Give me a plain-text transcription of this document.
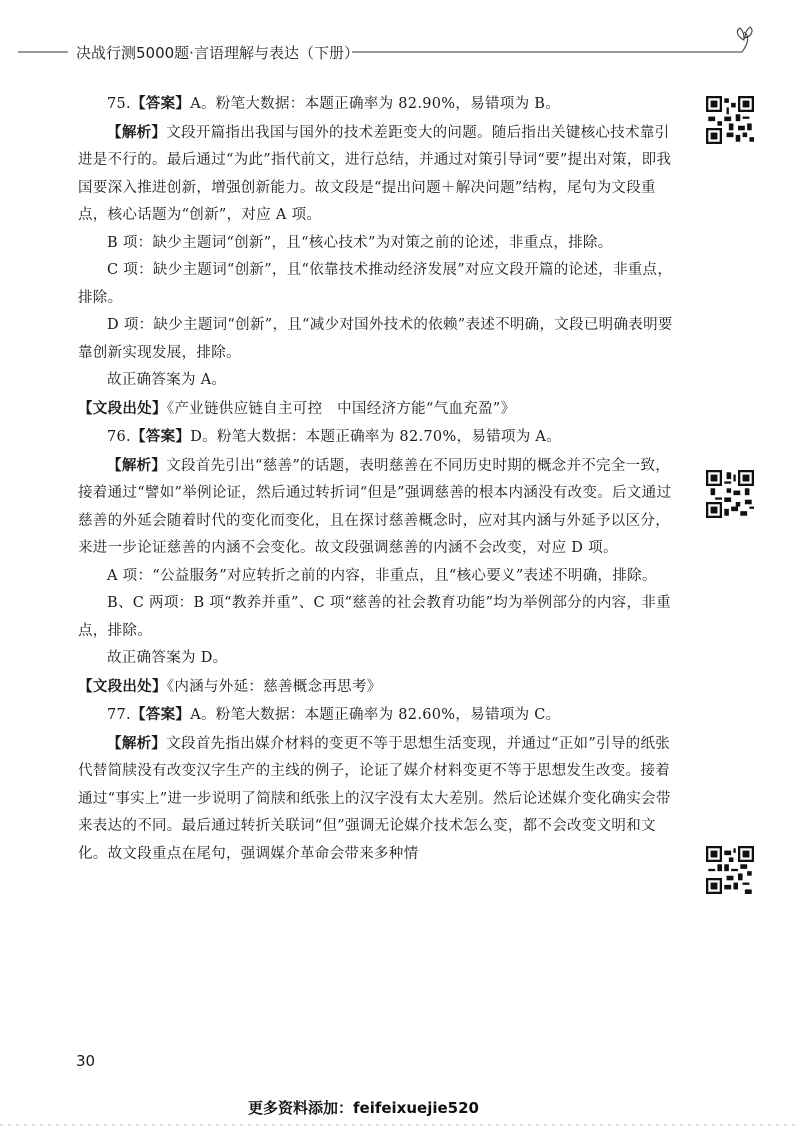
决战行测5000题·言语理解与表达（下册）

75.【答案】A。粉笔大数据：本题正确率为 82.90%，易错项为 B。

【解析】文段开篇指出我国与国外的技术差距变大的问题。随后指出关键核心技术靠引进是不行的。最后通过“为此”指代前文，进行总结，并通过对策引导词“要”提出对策，即我国要深入推进创新，增强创新能力。故文段是“提出问题＋解决问题”结构，尾句为文段重点，核心话题为“创新”，对应 A 项。

B 项：缺少主题词“创新”，且“核心技术”为对策之前的论述，非重点，排除。

C 项：缺少主题词“创新”，且“依靠技术推动经济发展”对应文段开篇的论述，非重点，排除。

D 项：缺少主题词“创新”，且“减少对国外技术的依赖”表述不明确，文段已明确表明要靠创新实现发展，排除。

故正确答案为 A。

【文段出处】《产业链供应链自主可控　中国经济方能“气血充盈”》

76.【答案】D。粉笔大数据：本题正确率为 82.70%，易错项为 A。

【解析】文段首先引出“慈善”的话题，表明慈善在不同历史时期的概念并不完全一致，接着通过“譬如”举例论证，然后通过转折词“但是”强调慈善的根本内涵没有改变。后文通过慈善的外延会随着时代的变化而变化，且在探讨慈善概念时，应对其内涵与外延予以区分，来进一步论证慈善的内涵不会变化。故文段强调慈善的内涵不会改变，对应 D 项。

A 项：“公益服务”对应转折之前的内容，非重点，且“核心要义”表述不明确，排除。

B、C 两项：B 项“教养并重”、C 项“慈善的社会教育功能”均为举例部分的内容，非重点，排除。

故正确答案为 D。

【文段出处】《内涵与外延：慈善概念再思考》

77.【答案】A。粉笔大数据：本题正确率为 82.60%，易错项为 C。

【解析】文段首先指出媒介材料的变更不等于思想生活变现，并通过“正如”引导的纸张代替简牍没有改变汉字生产的主线的例子，论证了媒介材料变更不等于思想发生改变。接着通过“事实上”进一步说明了简牍和纸张上的汉字没有太大差别。然后论述媒介变化确实会带来表达的不同。最后通过转折关联词“但”强调无论媒介技术怎么变，都不会改变文明和文化。故文段重点在尾句，强调媒介革命会带来多种情

30
更多资料添加：feifeixuejie520
